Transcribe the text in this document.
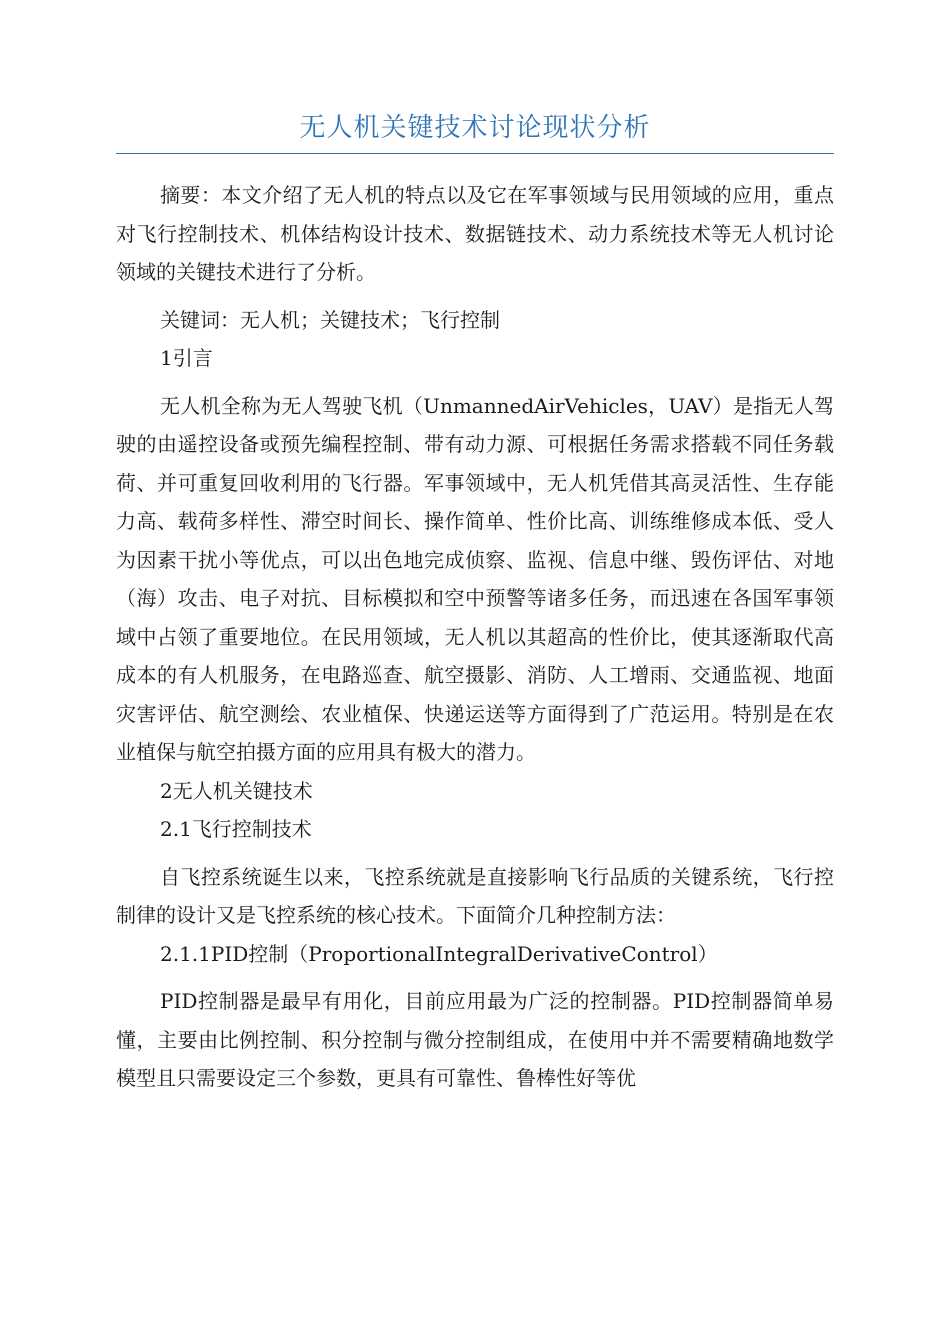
无人机关键技术讨论现状分析

摘要：本文介绍了无人机的特点以及它在军事领域与民用领域的应用，重点对飞行控制技术、机体结构设计技术、数据链技术、动力系统技术等无人机讨论领域的关键技术进行了分析。

关键词：无人机；关键技术；飞行控制

1引言

无人机全称为无人驾驶飞机（UnmannedAirVehicles，UAV）是指无人驾驶的由遥控设备或预先编程控制、带有动力源、可根据任务需求搭载不同任务载荷、并可重复回收利用的飞行器。军事领域中，无人机凭借其高灵活性、生存能力高、载荷多样性、滞空时间长、操作简单、性价比高、训练维修成本低、受人为因素干扰小等优点，可以出色地完成侦察、监视、信息中继、毁伤评估、对地（海）攻击、电子对抗、目标模拟和空中预警等诸多任务，而迅速在各国军事领域中占领了重要地位。在民用领域，无人机以其超高的性价比，使其逐渐取代高成本的有人机服务，在电路巡查、航空摄影、消防、人工增雨、交通监视、地面灾害评估、航空测绘、农业植保、快递运送等方面得到了广范运用。特别是在农业植保与航空拍摄方面的应用具有极大的潜力。

2无人机关键技术

2.1飞行控制技术

自飞控系统诞生以来，飞控系统就是直接影响飞行品质的关键系统，飞行控制律的设计又是飞控系统的核心技术。下面简介几种控制方法：

2.1.1PID控制（ProportionalIntegralDerivativeControl）

PID控制器是最早有用化，目前应用最为广泛的控制器。PID控制器简单易懂，主要由比例控制、积分控制与微分控制组成，在使用中并不需要精确地数学模型且只需要设定三个参数，更具有可靠性、鲁棒性好等优
